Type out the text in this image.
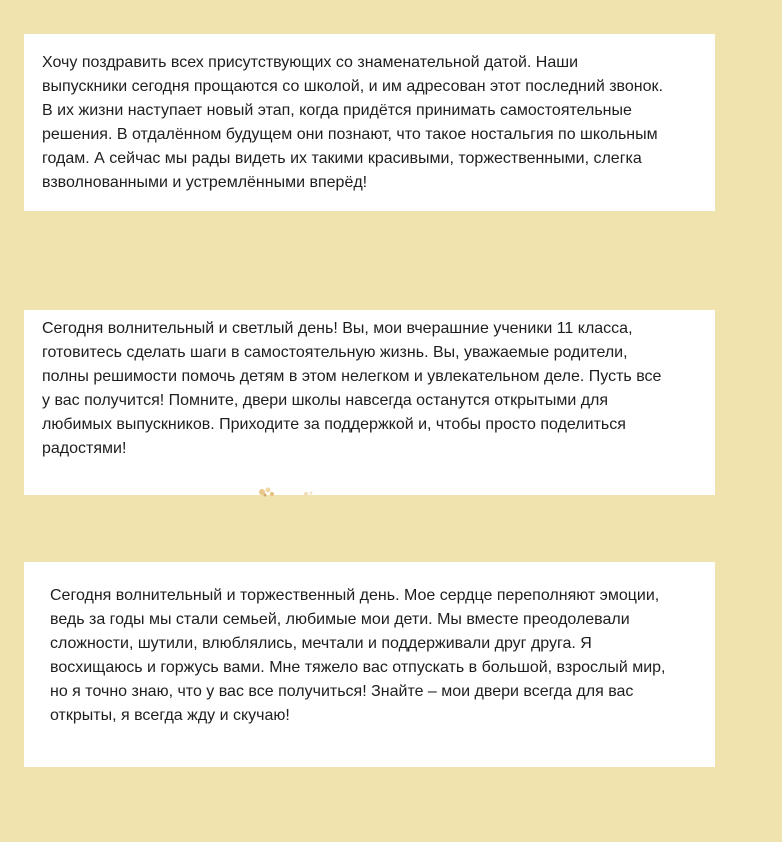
Хочу поздравить всех присутствующих со знаменательной датой. Наши
выпускники сегодня прощаются со школой, и им адресован этот последний звонок.
В их жизни наступает новый этап, когда придётся принимать самостоятельные
решения. В отдалённом будущем они познают, что такое ностальгия по школьным
годам. А сейчас мы рады видеть их такими красивыми, торжественными, слегка
взволнованными и устремлёнными вперёд!

Сегодня волнительный и светлый день! Вы, мои вчерашние ученики 11 класса,
готовитесь сделать шаги в самостоятельную жизнь. Вы, уважаемые родители,
полны решимости помочь детям в этом нелегком и увлекательном деле. Пусть все
у вас получится! Помните, двери школы навсегда останутся открытыми для
любимых выпускников. Приходите за поддержкой и, чтобы просто поделиться
радостями!

Сегодня волнительный и торжественный день. Мое сердце переполняют эмоции,
ведь за годы мы стали семьей, любимые мои дети. Мы вместе преодолевали
сложности, шутили, влюблялись, мечтали и поддерживали друг друга. Я
восхищаюсь и горжусь вами. Мне тяжело вас отпускать в большой, взрослый мир,
но я точно знаю, что у вас все получиться! Знайте – мои двери всегда для вас
открыты, я всегда жду и скучаю!
